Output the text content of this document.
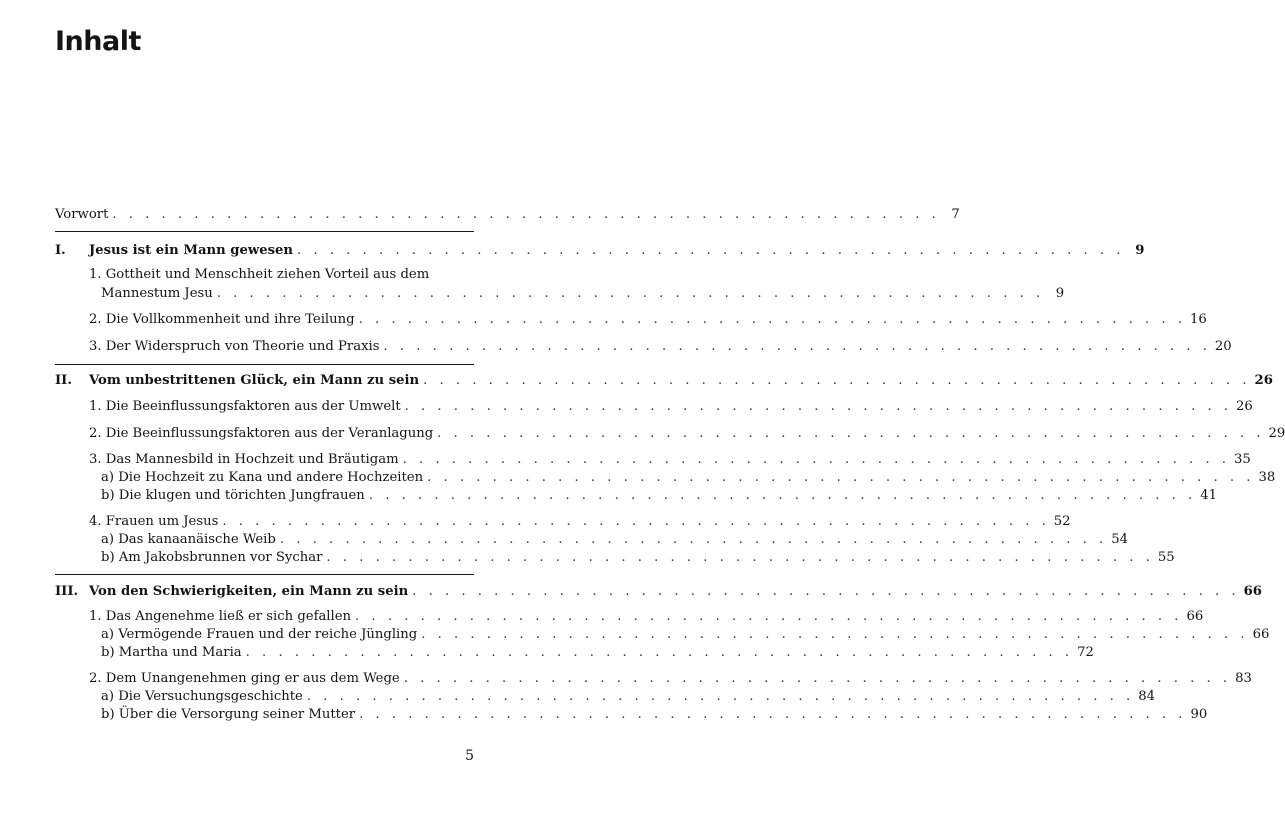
Inhalt
Vorwort . . . . . . . . . . . . . . . . . . . . . . . . . . . . . . . . . . . . . . . . . . . . . . . . . . . 7
I. Jesus ist ein Mann gewesen . . . . . . . . . . . . . . . . . . . . . . . . . . . . . . . . . . . . . . . . . . . . . . . . . . . 9
1. Gottheit und Menschheit ziehen Vorteil aus dem
Mannestum Jesu . . . . . . . . . . . . . . . . . . . . . . . . . . . . . . . . . . . . . . . . . . . . . . . . . . . 9
2. Die Vollkommenheit und ihre Teilung . . . . . . . . . . . . . . . . . . . . . . . . . . . . . . . . . . . . . . . . . . . . . . . . . . . 16
3. Der Widerspruch von Theorie und Praxis . . . . . . . . . . . . . . . . . . . . . . . . . . . . . . . . . . . . . . . . . . . . . . . . . . . 20
II. Vom unbestrittenen Glück, ein Mann zu sein . . . . . . . . . . . . . . . . . . . . . . . . . . . . . . . . . . . . . . . . . . . . . . . . . . . 26
1. Die Beeinflussungsfaktoren aus der Umwelt . . . . . . . . . . . . . . . . . . . . . . . . . . . . . . . . . . . . . . . . . . . . . . . . . . . 26
2. Die Beeinflussungsfaktoren aus der Veranlagung . . . . . . . . . . . . . . . . . . . . . . . . . . . . . . . . . . . . . . . . . . . . . . . . . . . 29
3. Das Mannesbild in Hochzeit und Bräutigam . . . . . . . . . . . . . . . . . . . . . . . . . . . . . . . . . . . . . . . . . . . . . . . . . . . 35
a) Die Hochzeit zu Kana und andere Hochzeiten . . . . . . . . . . . . . . . . . . . . . . . . . . . . . . . . . . . . . . . . . . . . . . . . . . . 38
b) Die klugen und törichten Jungfrauen . . . . . . . . . . . . . . . . . . . . . . . . . . . . . . . . . . . . . . . . . . . . . . . . . . . 41
4. Frauen um Jesus . . . . . . . . . . . . . . . . . . . . . . . . . . . . . . . . . . . . . . . . . . . . . . . . . . . 52
a) Das kanaanäische Weib . . . . . . . . . . . . . . . . . . . . . . . . . . . . . . . . . . . . . . . . . . . . . . . . . . . 54
b) Am Jakobsbrunnen vor Sychar . . . . . . . . . . . . . . . . . . . . . . . . . . . . . . . . . . . . . . . . . . . . . . . . . . . 55
III. Von den Schwierigkeiten, ein Mann zu sein . . . . . . . . . . . . . . . . . . . . . . . . . . . . . . . . . . . . . . . . . . . . . . . . . . . 66
1. Das Angenehme ließ er sich gefallen . . . . . . . . . . . . . . . . . . . . . . . . . . . . . . . . . . . . . . . . . . . . . . . . . . . 66
a) Vermögende Frauen und der reiche Jüngling . . . . . . . . . . . . . . . . . . . . . . . . . . . . . . . . . . . . . . . . . . . . . . . . . . . 66
b) Martha und Maria . . . . . . . . . . . . . . . . . . . . . . . . . . . . . . . . . . . . . . . . . . . . . . . . . . . 72
2. Dem Unangenehmen ging er aus dem Wege . . . . . . . . . . . . . . . . . . . . . . . . . . . . . . . . . . . . . . . . . . . . . . . . . . . 83
a) Die Versuchungsgeschichte . . . . . . . . . . . . . . . . . . . . . . . . . . . . . . . . . . . . . . . . . . . . . . . . . . . 84
b) Über die Versorgung seiner Mutter . . . . . . . . . . . . . . . . . . . . . . . . . . . . . . . . . . . . . . . . . . . . . . . . . . . 90
5
